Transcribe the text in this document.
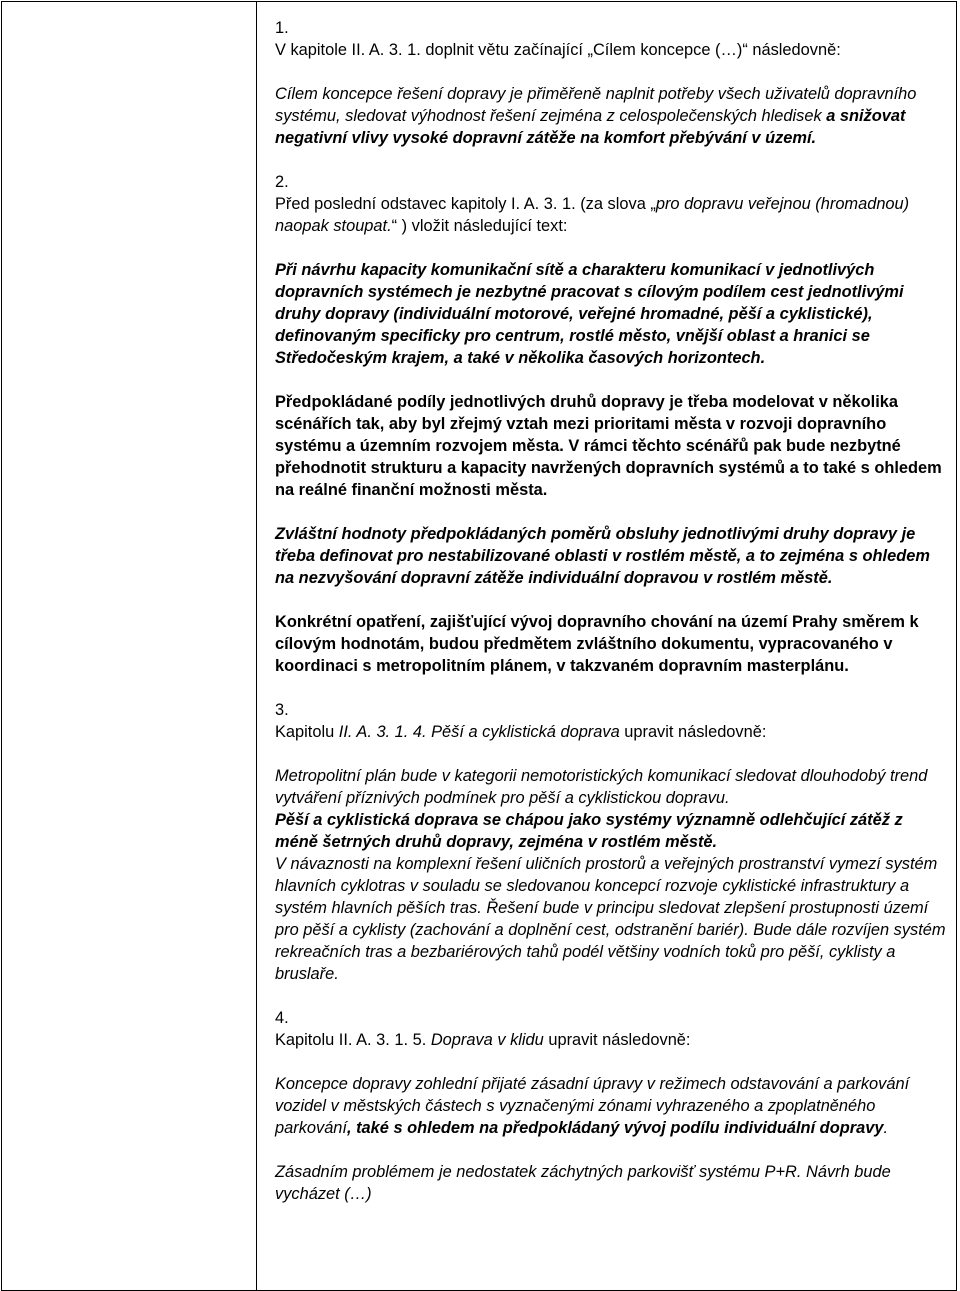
1.

V kapitole II. A. 3. 1. doplnit větu začínající „Cílem koncepce (…)“ následovně:

Cílem koncepce řešení dopravy je přiměřeně naplnit potřeby všech uživatelů dopravního systému, sledovat výhodnost řešení zejména z celospolečenských hledisek a snižovat negativní vlivy vysoké dopravní zátěže na komfort přebývání v území.

2.

Před poslední odstavec kapitoly I. A. 3. 1. (za slova „pro dopravu veřejnou (hromadnou) naopak stoupat.“ ) vložit následující text:

Při návrhu kapacity komunikační sítě a charakteru komunikací v jednotlivých dopravních systémech je nezbytné pracovat s cílovým podílem cest jednotlivými druhy dopravy (individuální motorové, veřejné hromadné, pěší a cyklistické), definovaným specificky pro centrum, rostlé město, vnější oblast a hranici se Středočeským krajem, a také v několika časových horizontech.

Předpokládané podíly jednotlivých druhů dopravy je třeba modelovat v několika scénářích tak, aby byl zřejmý vztah mezi prioritami města v rozvoji dopravního systému a územním rozvojem města. V rámci těchto scénářů pak bude nezbytné přehodnotit strukturu a kapacity navržených dopravních systémů a to také s ohledem na reálné finanční možnosti města.

Zvláštní hodnoty předpokládaných poměrů obsluhy jednotlivými druhy dopravy je třeba definovat pro nestabilizované oblasti v rostlém městě, a to zejména s ohledem na nezvyšování dopravní zátěže individuální dopravou v rostlém městě.

Konkrétní opatření, zajišťující vývoj dopravního chování na území Prahy směrem k cílovým hodnotám, budou předmětem zvláštního dokumentu, vypracovaného v koordinaci s metropolitním plánem, v takzvaném dopravním masterplánu.

3.

Kapitolu II. A. 3. 1. 4. Pěší a cyklistická doprava upravit následovně:

Metropolitní plán bude v kategorii nemotoristických komunikací sledovat dlouhodobý trend vytváření příznivých podmínek pro pěší a cyklistickou dopravu.

Pěší a cyklistická doprava se chápou jako systémy významně odlehčující zátěž z méně šetrných druhů dopravy, zejména v rostlém městě.

V návaznosti na komplexní řešení uličních prostorů a veřejných prostranství vymezí systém hlavních cyklotras v souladu se sledovanou koncepcí rozvoje cyklistické infrastruktury a systém hlavních pěších tras. Řešení bude v principu sledovat zlepšení prostupnosti území pro pěší a cyklisty (zachování a doplnění cest, odstranění bariér). Bude dále rozvíjen systém rekreačních tras a bezbariérových tahů podél většiny vodních toků pro pěší, cyklisty a bruslaře.

4.

Kapitolu II. A. 3. 1. 5. Doprava v klidu upravit následovně:

Koncepce dopravy zohlední přijaté zásadní úpravy v režimech odstavování a parkování vozidel v městských částech s vyznačenými zónami vyhrazeného a zpoplatněného parkování, také s ohledem na předpokládaný vývoj podílu individuální dopravy.

Zásadním problémem je nedostatek záchytných parkovišť systému P+R. Návrh bude vycházet (…)
